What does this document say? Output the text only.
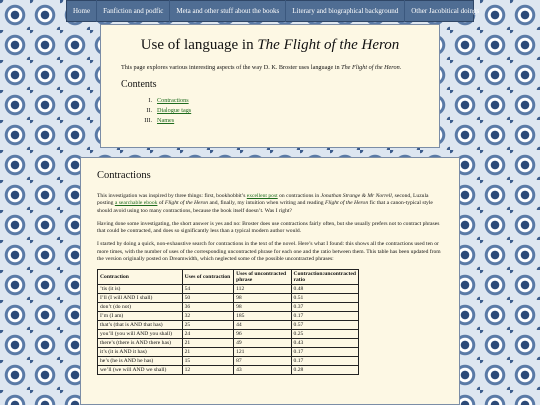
Home	Fanfiction and podfic	Meta and other stuff about the books	Literary and biographical background	Other Jacobitical doings
Use of language in The Flight of the Heron

This page explores various interesting aspects of the way D. K. Broster uses language in The Flight of the Heron.

Contents
I. Contractions
II. Dialogue tags
III. Names
Contractions

This investigation was inspired by three things: first, bookhobbit’s excellent post on contractions in Jonathan Strange & Mr Norrell, second, Luzula posting a searchable ebook of Flight of the Heron and, finally, my intuition when writing and reading Flight of the Heron fic that a canon-typical style should avoid using too many contractions, because the book itself doesn’t. Was I right?

Having done some investigating, the short answer is yes and no: Broster does use contractions fairly often, but she usually prefers not to contract phrases that could be contracted, and does so significantly less than a typical modern author would.

I started by doing a quick, non-exhaustive search for contractions in the text of the novel. Here’s what I found: this shows all the contractions used ten or more times, with the number of uses of the corresponding uncontracted phrase for each one and the ratio between them. This table has been updated from the version originally posted on Dreamwidth, which neglected some of the possible uncontracted phrases:

Contraction	Uses of contraction	Uses of uncontracted phrase	Contraction:uncontracted ratio
’tis (it is)	54	112	0.48
I’ll (I will AND I shall)	50	98	0.51
don’t (do not)	36	98	0.37
I’m (I am)	32	185	0.17
that’s (that is AND that has)	25	44	0.57
you’ll (you will AND you shall)	24	96	0.25
there’s (there is AND there has)	21	49	0.43
it’s (it is AND it has)	21	121	0.17
he’s (he is AND he has)	15	87	0.17
we’ll (we will AND we shall)	12	43	0.28
